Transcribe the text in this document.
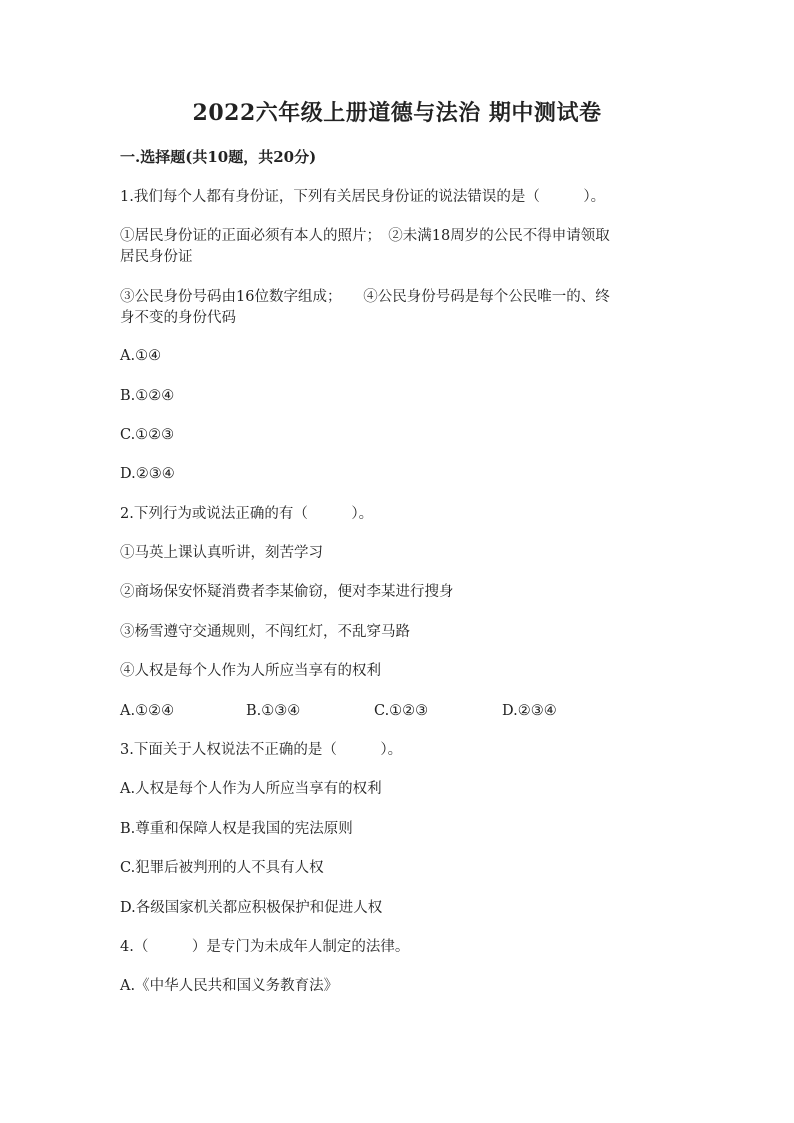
2022六年级上册道德与法治 期中测试卷
一.选择题(共10题，共20分)
1.我们每个人都有身份证，下列有关居民身份证的说法错误的是（　　　）。
①居民身份证的正面必须有本人的照片；　②未满18周岁的公民不得申请领取
居民身份证
③公民身份号码由16位数字组成；　　④公民身份号码是每个公民唯一的、终
身不变的身份代码
A.①④
B.①②④
C.①②③
D.②③④
2.下列行为或说法正确的有（　　　）。
①马英上课认真听讲，刻苦学习
②商场保安怀疑消费者李某偷窃，便对李某进行搜身
③杨雪遵守交通规则，不闯红灯，不乱穿马路
④人权是每个人作为人所应当享有的权利
A.①②④	B.①③④	C.①②③	D.②③④
3.下面关于人权说法不正确的是（　　　）。
A.人权是每个人作为人所应当享有的权利
B.尊重和保障人权是我国的宪法原则
C.犯罪后被判刑的人不具有人权
D.各级国家机关都应积极保护和促进人权
4.（　　　）是专门为未成年人制定的法律。
A.《中华人民共和国义务教育法》
